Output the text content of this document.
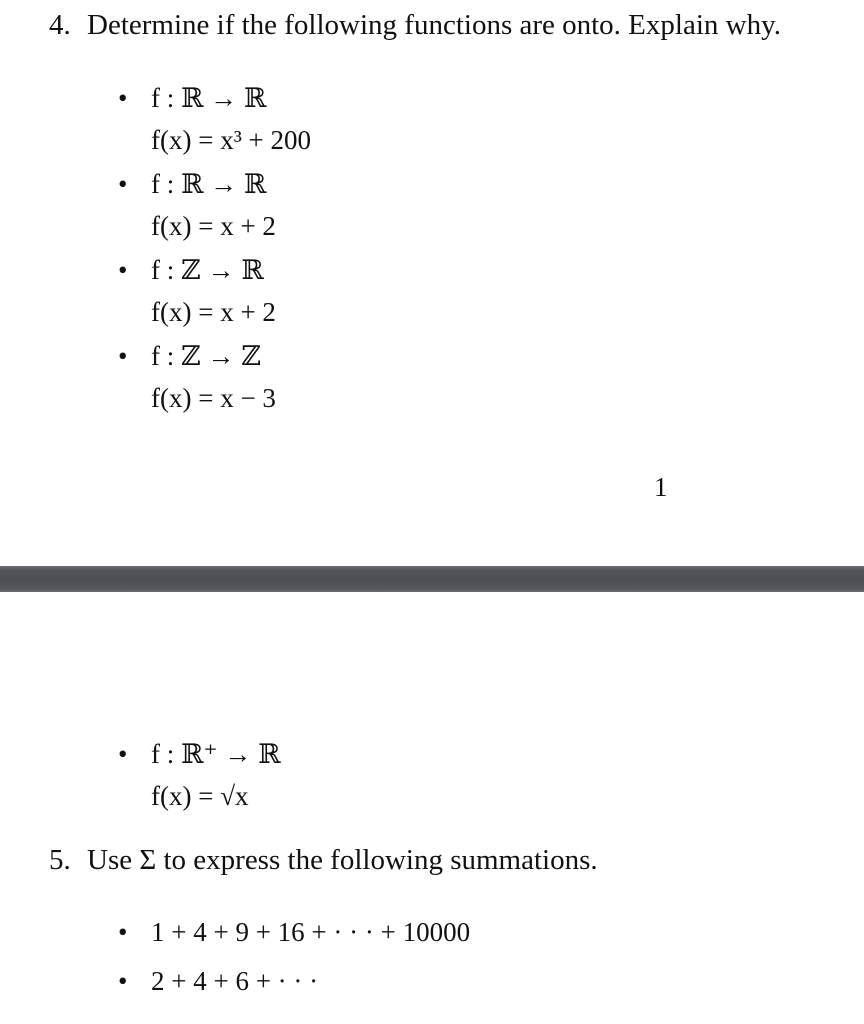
4. Determine if the following functions are onto. Explain why.
• f : ℝ → ℝ
f(x) = x³ + 200
• f : ℝ → ℝ
f(x) = x + 2
• f : ℤ → ℝ
f(x) = x + 2
• f : ℤ → ℤ
f(x) = x − 3
1
• f : ℝ⁺ → ℝ
f(x) = √x
5. Use Σ to express the following summations.
• 1 + 4 + 9 + 16 + · · · + 10000
• 2 + 4 + 6 + · · ·
